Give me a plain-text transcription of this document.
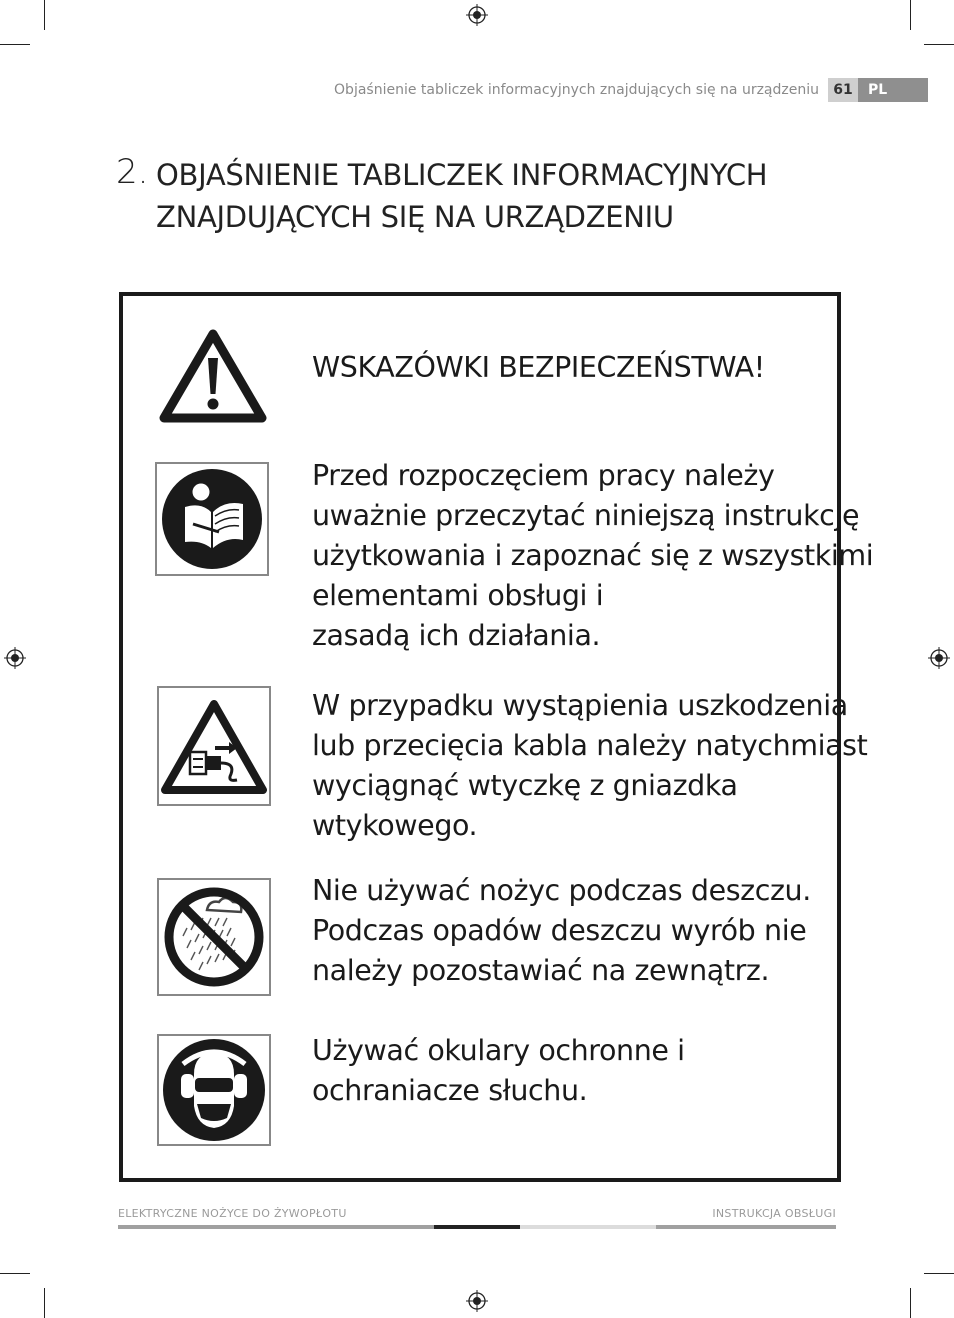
Objaśnienie tabliczek informacyjnych znajdujących się na urządzeniu	61	PL
2. OBJAŚNIENIE TABLICZEK INFORMACYJNYCH
ZNAJDUJĄCYCH SIĘ NA URZĄDZENIU
WSKAZÓWKI BEZPIECZEŃSTWA!
Przed rozpoczęciem pracy należy
uważnie przeczytać niniejszą instrukcję
użytkowania i zapoznać się z wszystkimi
elementami obsługi i
zasadą ich działania.
W przypadku wystąpienia uszkodzenia
lub przecięcia kabla należy natychmiast
wyciągnąć wtyczkę z gniazdka
wtykowego.
Nie używać nożyc podczas deszczu.
Podczas opadów deszczu wyrób nie
należy pozostawiać na zewnątrz.
Używać okulary ochronne i
ochraniacze słuchu.
ELEKTRYCZNE NOŻYCE DO ŻYWOPŁOTU	INSTRUKCJA OBSŁUGI
